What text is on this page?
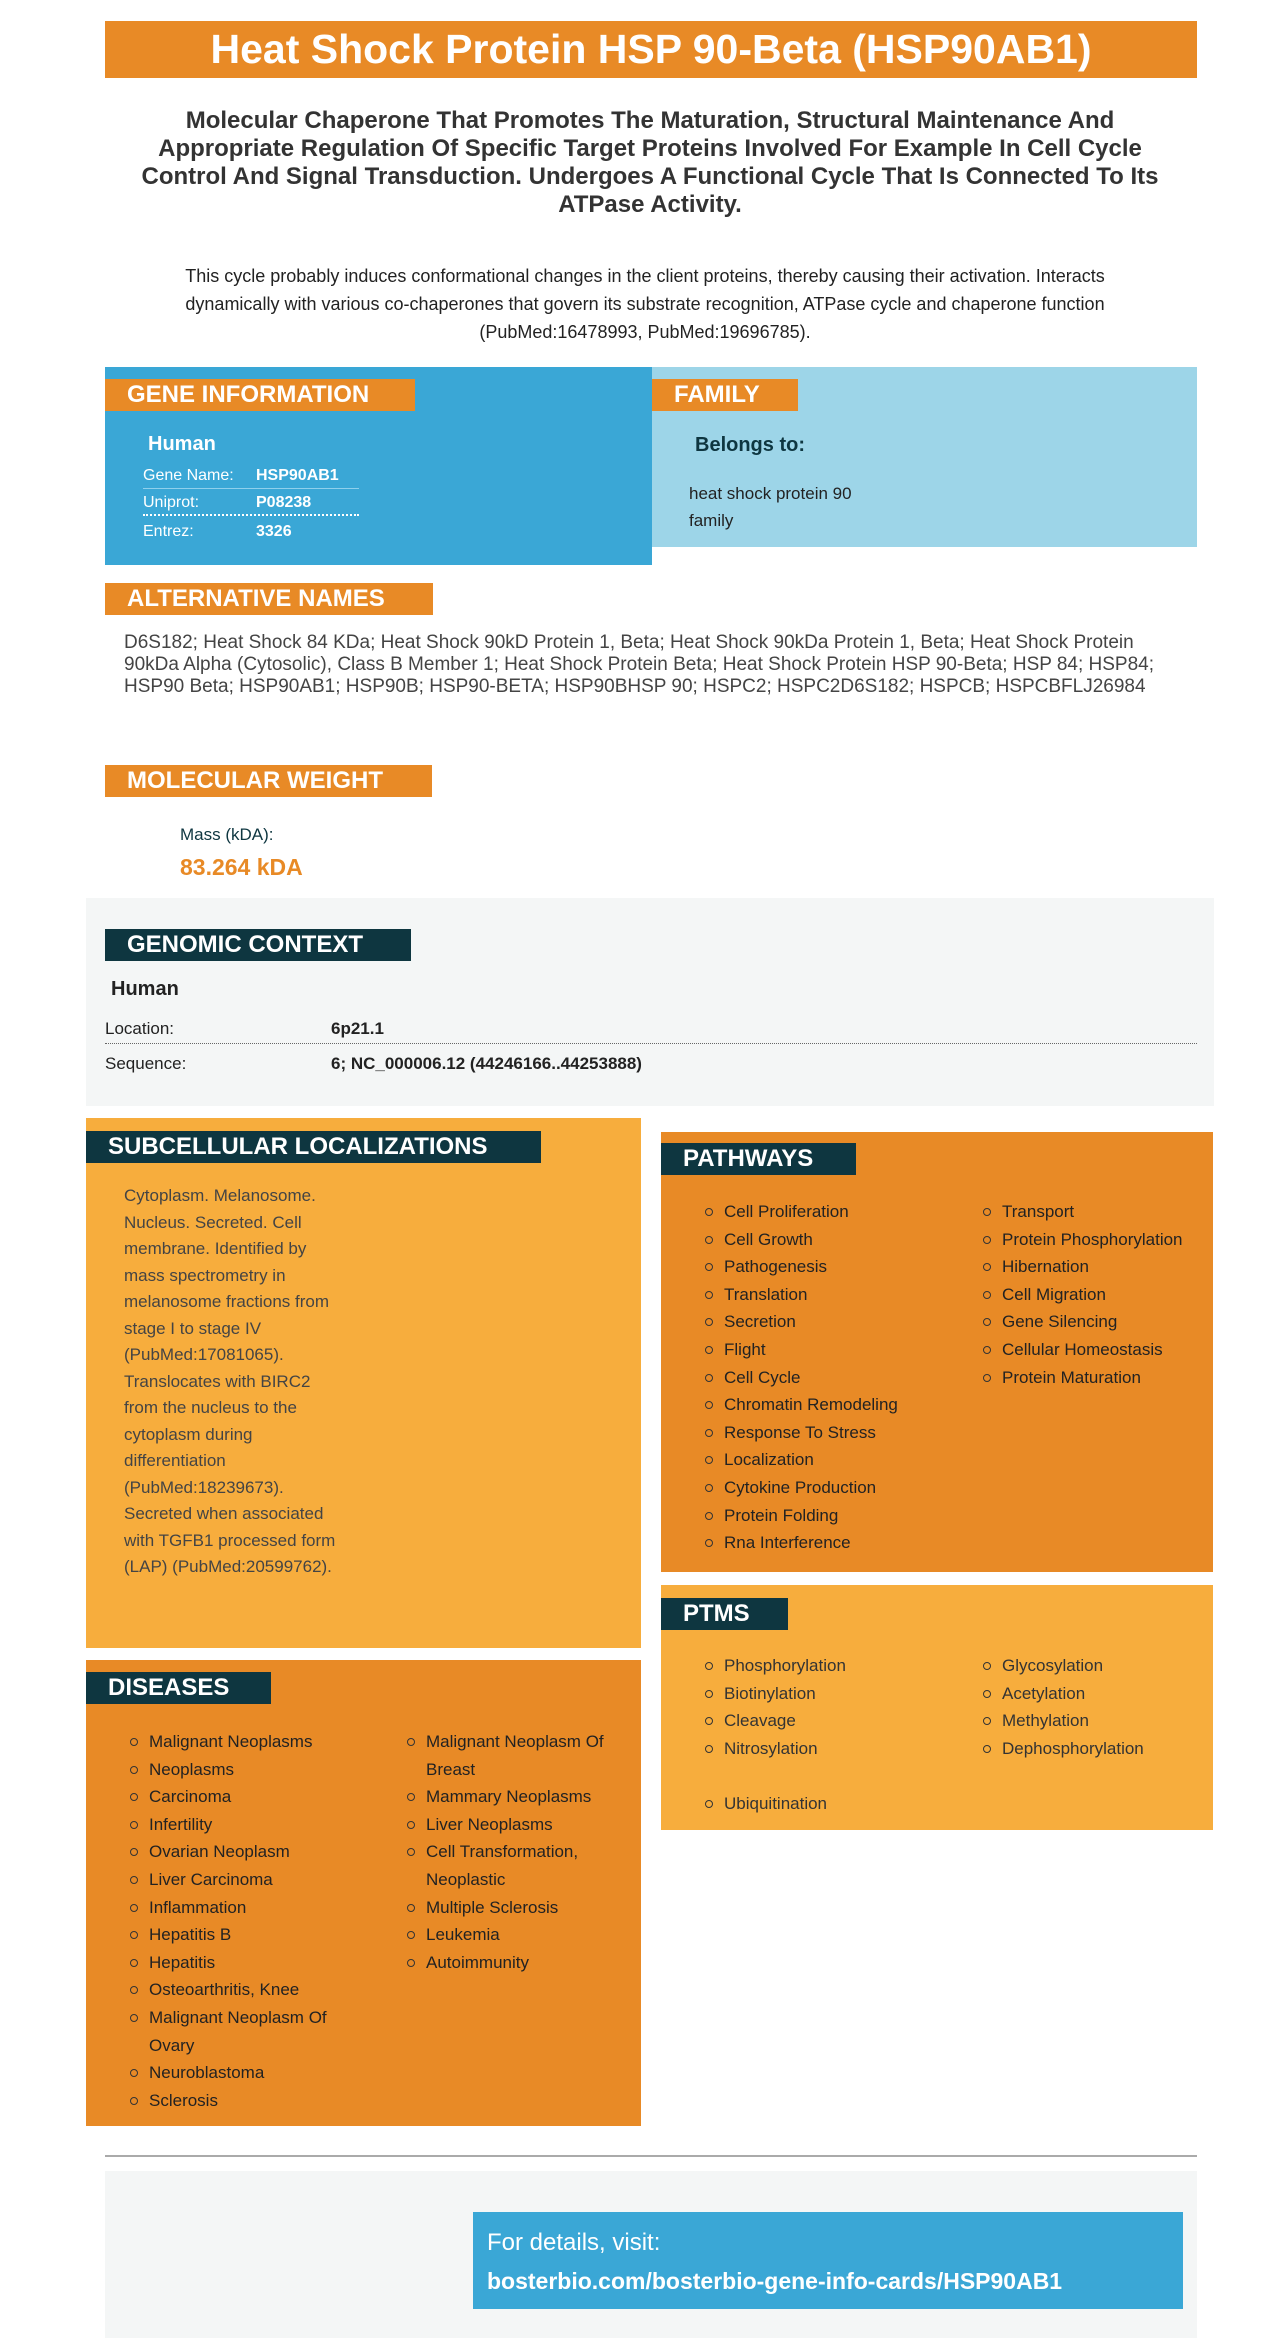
Heat Shock Protein HSP 90-Beta (HSP90AB1)
Molecular Chaperone That Promotes The Maturation, Structural Maintenance And Appropriate Regulation Of Specific Target Proteins Involved For Example In Cell Cycle Control And Signal Transduction. Undergoes A Functional Cycle That Is Connected To Its ATPase Activity.
This cycle probably induces conformational changes in the client proteins, thereby causing their activation. Interacts dynamically with various co-chaperones that govern its substrate recognition, ATPase cycle and chaperone function (PubMed:16478993, PubMed:19696785).
GENE INFORMATION
Human
Gene Name: HSP90AB1
Uniprot:	P08238
Entrez:	3326
FAMILY
Belongs to:
heat shock protein 90 family
ALTERNATIVE NAMES
D6S182; Heat Shock 84 KDa; Heat Shock 90kD Protein 1, Beta; Heat Shock 90kDa Protein 1, Beta; Heat Shock Protein 90kDa Alpha (Cytosolic), Class B Member 1; Heat Shock Protein Beta; Heat Shock Protein HSP 90-Beta; HSP 84; HSP84; HSP90 Beta; HSP90AB1; HSP90B; HSP90-BETA; HSP90BHSP 90; HSPC2; HSPC2D6S182; HSPCB; HSPCBFLJ26984
MOLECULAR WEIGHT
Mass (kDA):
83.264 kDA
GENOMIC CONTEXT
Human
Location:	6p21.1
Sequence:	6; NC_000006.12 (44246166..44253888)
SUBCELLULAR LOCALIZATIONS
Cytoplasm. Melanosome. Nucleus. Secreted. Cell membrane. Identified by mass spectrometry in melanosome fractions from stage I to stage IV (PubMed:17081065). Translocates with BIRC2 from the nucleus to the cytoplasm during differentiation (PubMed:18239673). Secreted when associated with TGFB1 processed form (LAP) (PubMed:20599762).
PATHWAYS
Cell Proliferation
Cell Growth
Pathogenesis
Translation
Secretion
Flight
Cell Cycle
Chromatin Remodeling
Response To Stress
Localization
Cytokine Production
Protein Folding
Rna Interference
Transport
Protein Phosphorylation
Hibernation
Cell Migration
Gene Silencing
Cellular Homeostasis
Protein Maturation
PTMS
Phosphorylation
Biotinylation
Cleavage
Nitrosylation
Glycosylation
Acetylation
Methylation
Dephosphorylation
Ubiquitination
DISEASES
Malignant Neoplasms
Neoplasms
Carcinoma
Infertility
Ovarian Neoplasm
Liver Carcinoma
Inflammation
Hepatitis B
Hepatitis
Osteoarthritis, Knee
Malignant Neoplasm Of Ovary
Neuroblastoma
Sclerosis
Malignant Neoplasm Of Breast
Mammary Neoplasms
Liver Neoplasms
Cell Transformation, Neoplastic
Multiple Sclerosis
Leukemia
Autoimmunity
For details, visit:
bosterbio.com/bosterbio-gene-info-cards/HSP90AB1
